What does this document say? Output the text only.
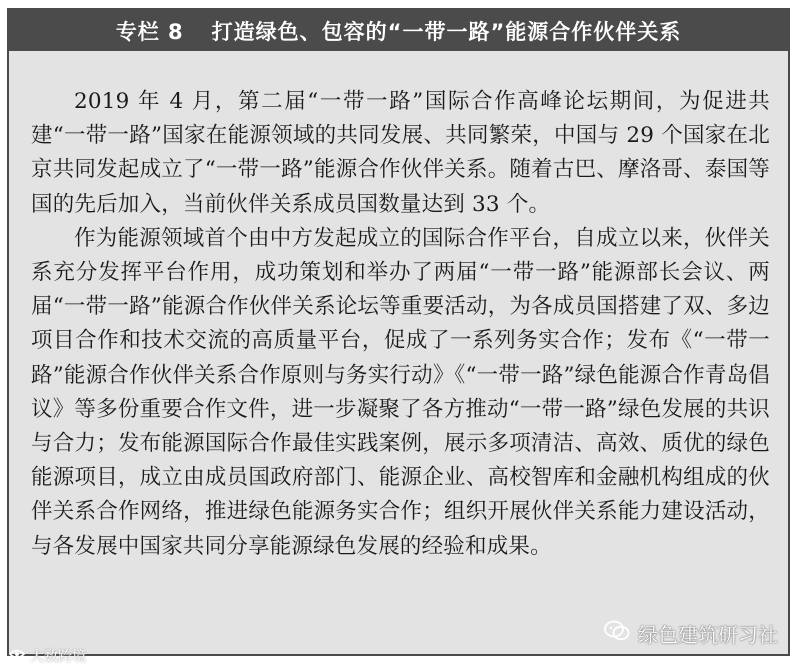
专栏 8 打造绿色、包容的“一带一路”能源合作伙伴关系

2019 年 4 月，第二届“一带一路”国际合作高峰论坛期间，为促进共建“一带一路”国家在能源领域的共同发展、共同繁荣，中国与 29 个国家在北京共同发起成立了“一带一路”能源合作伙伴关系。随着古巴、摩洛哥、泰国等国的先后加入，当前伙伴关系成员国数量达到 33 个。

作为能源领域首个由中方发起成立的国际合作平台，自成立以来，伙伴关系充分发挥平台作用，成功策划和举办了两届“一带一路”能源部长会议、两届“一带一路”能源合作伙伴关系论坛等重要活动，为各成员国搭建了双、多边项目合作和技术交流的高质量平台，促成了一系列务实合作；发布《“一带一路”能源合作伙伴关系合作原则与务实行动》《“一带一路”绿色能源合作青岛倡议》等多份重要合作文件，进一步凝聚了各方推动“一带一路”绿色发展的共识与合力；发布能源国际合作最佳实践案例，展示多项清洁、高效、质优的绿色能源项目，成立由成员国政府部门、能源企业、高校智库和金融机构组成的伙伴关系合作网络，推进绿色能源务实合作；组织开展伙伴关系能力建设活动，与各发展中国家共同分享能源绿色发展的经验和成果。

绿色建筑研习社
大数跨境
